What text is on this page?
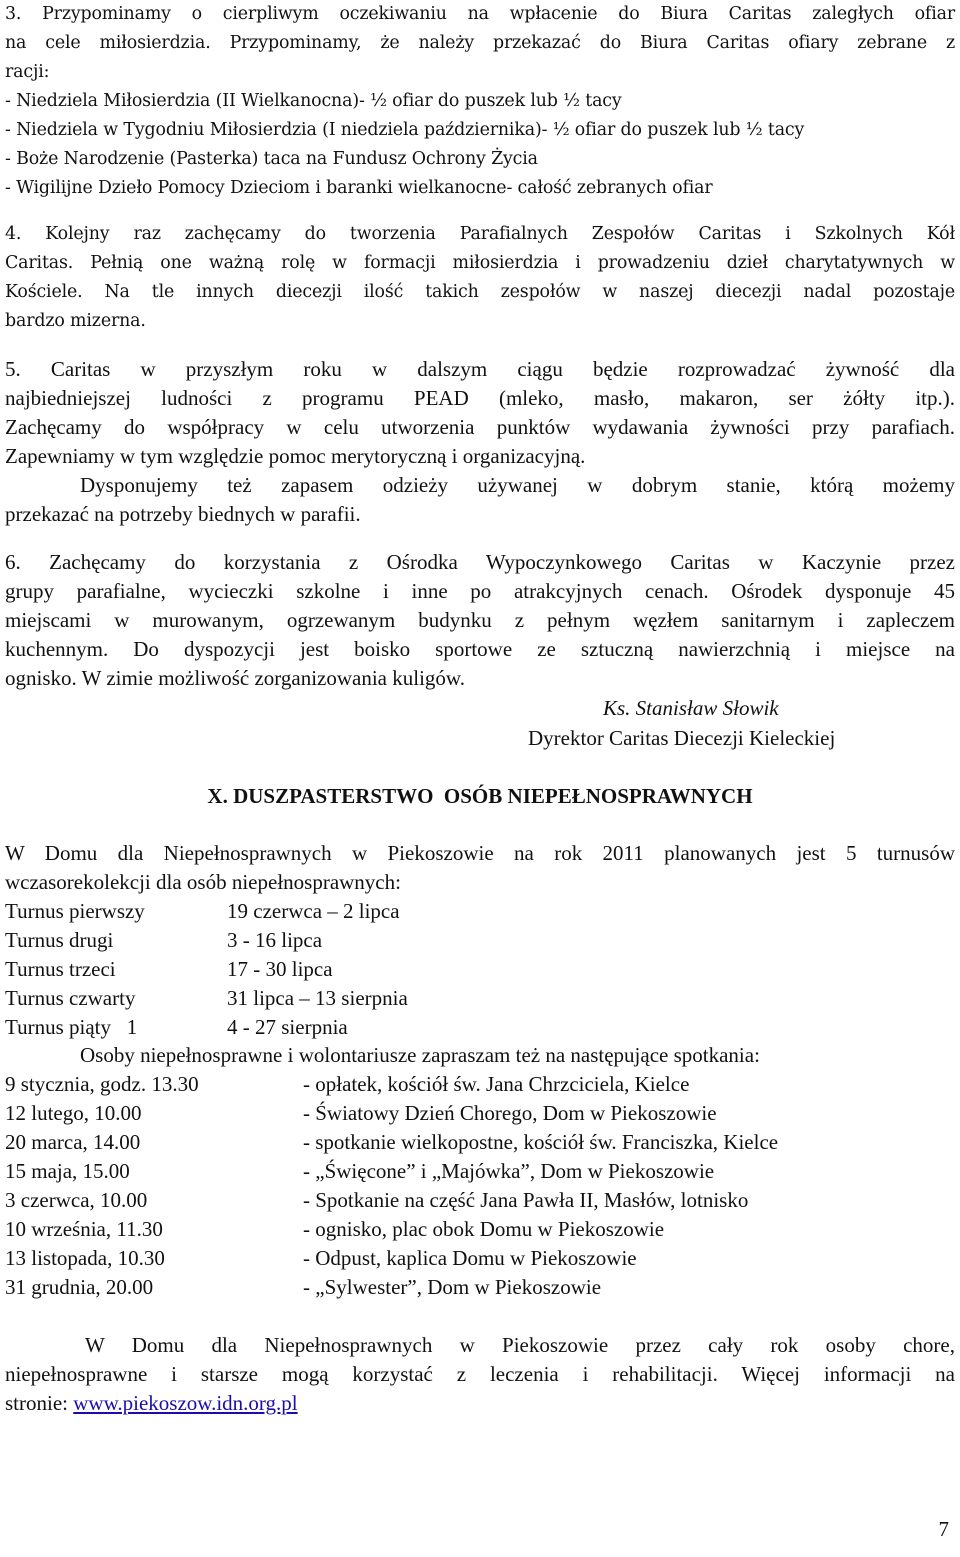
3. Przypominamy o cierpliwym oczekiwaniu na wpłacenie do Biura Caritas zaległych ofiar
na cele miłosierdzia. Przypominamy, że należy przekazać do Biura Caritas ofiary zebrane z
racji:
- Niedziela Miłosierdzia (II Wielkanocna)- ½ ofiar do puszek lub ½ tacy
- Niedziela w Tygodniu Miłosierdzia (I niedziela października)- ½ ofiar do puszek lub ½ tacy
- Boże Narodzenie (Pasterka) taca na Fundusz Ochrony Życia
- Wigilijne Dzieło Pomocy Dzieciom i baranki wielkanocne- całość zebranych ofiar
4. Kolejny raz zachęcamy do tworzenia Parafialnych Zespołów Caritas i Szkolnych Kół
Caritas. Pełnią one ważną rolę w formacji miłosierdzia i prowadzeniu dzieł charytatywnych w
Kościele. Na tle innych diecezji ilość takich zespołów w naszej diecezji nadal pozostaje
bardzo mizerna.
5. Caritas w przyszłym roku w dalszym ciągu będzie rozprowadzać żywność dla
najbiedniejszej ludności z programu PEAD (mleko, masło, makaron, ser żółty itp.).
Zachęcamy do współpracy w celu utworzenia punktów wydawania żywności przy parafiach.
Zapewniamy w tym względzie pomoc merytoryczną i organizacyjną.
Dysponujemy też zapasem odzieży używanej w dobrym stanie, którą możemy
przekazać na potrzeby biednych w parafii.
6. Zachęcamy do korzystania z Ośrodka Wypoczynkowego Caritas w Kaczynie przez
grupy parafialne, wycieczki szkolne i inne po atrakcyjnych cenach. Ośrodek dysponuje 45
miejscami w murowanym, ogrzewanym budynku z pełnym węzłem sanitarnym i zapleczem
kuchennym. Do dyspozycji jest boisko sportowe ze sztuczną nawierzchnią i miejsce na
ognisko. W zimie możliwość zorganizowania kuligów.
Ks. Stanisław Słowik
Dyrektor Caritas Diecezji Kieleckiej
X. DUSZPASTERSTWO  OSÓB NIEPEŁNOSPRAWNYCH
W Domu dla Niepełnosprawnych w Piekoszowie na rok 2011 planowanych jest 5 turnusów
wczasorekolekcji dla osób niepełnosprawnych:
Turnus pierwszy	19 czerwca – 2 lipca
Turnus drugi	3 - 16 lipca
Turnus trzeci	17 - 30 lipca
Turnus czwarty	31 lipca – 13 sierpnia
Turnus piąty   1	4 - 27 sierpnia
Osoby niepełnosprawne i wolontariusze zapraszam też na następujące spotkania:
9 stycznia, godz. 13.30	- opłatek, kościół św. Jana Chrzciciela, Kielce
12 lutego, 10.00	- Światowy Dzień Chorego, Dom w Piekoszowie
20 marca, 14.00	- spotkanie wielkopostne, kościół św. Franciszka, Kielce
15 maja, 15.00	- „Święcone” i „Majówka”, Dom w Piekoszowie
3 czerwca, 10.00	- Spotkanie na część Jana Pawła II, Masłów, lotnisko
10 września, 11.30	- ognisko, plac obok Domu w Piekoszowie
13 listopada, 10.30	- Odpust, kaplica Domu w Piekoszowie
31 grudnia, 20.00	- „Sylwester”, Dom w Piekoszowie
W Domu dla Niepełnosprawnych w Piekoszowie przez cały rok osoby chore,
niepełnosprawne i starsze mogą korzystać z leczenia i rehabilitacji. Więcej informacji na
stronie: www.piekoszow.idn.org.pl
7
